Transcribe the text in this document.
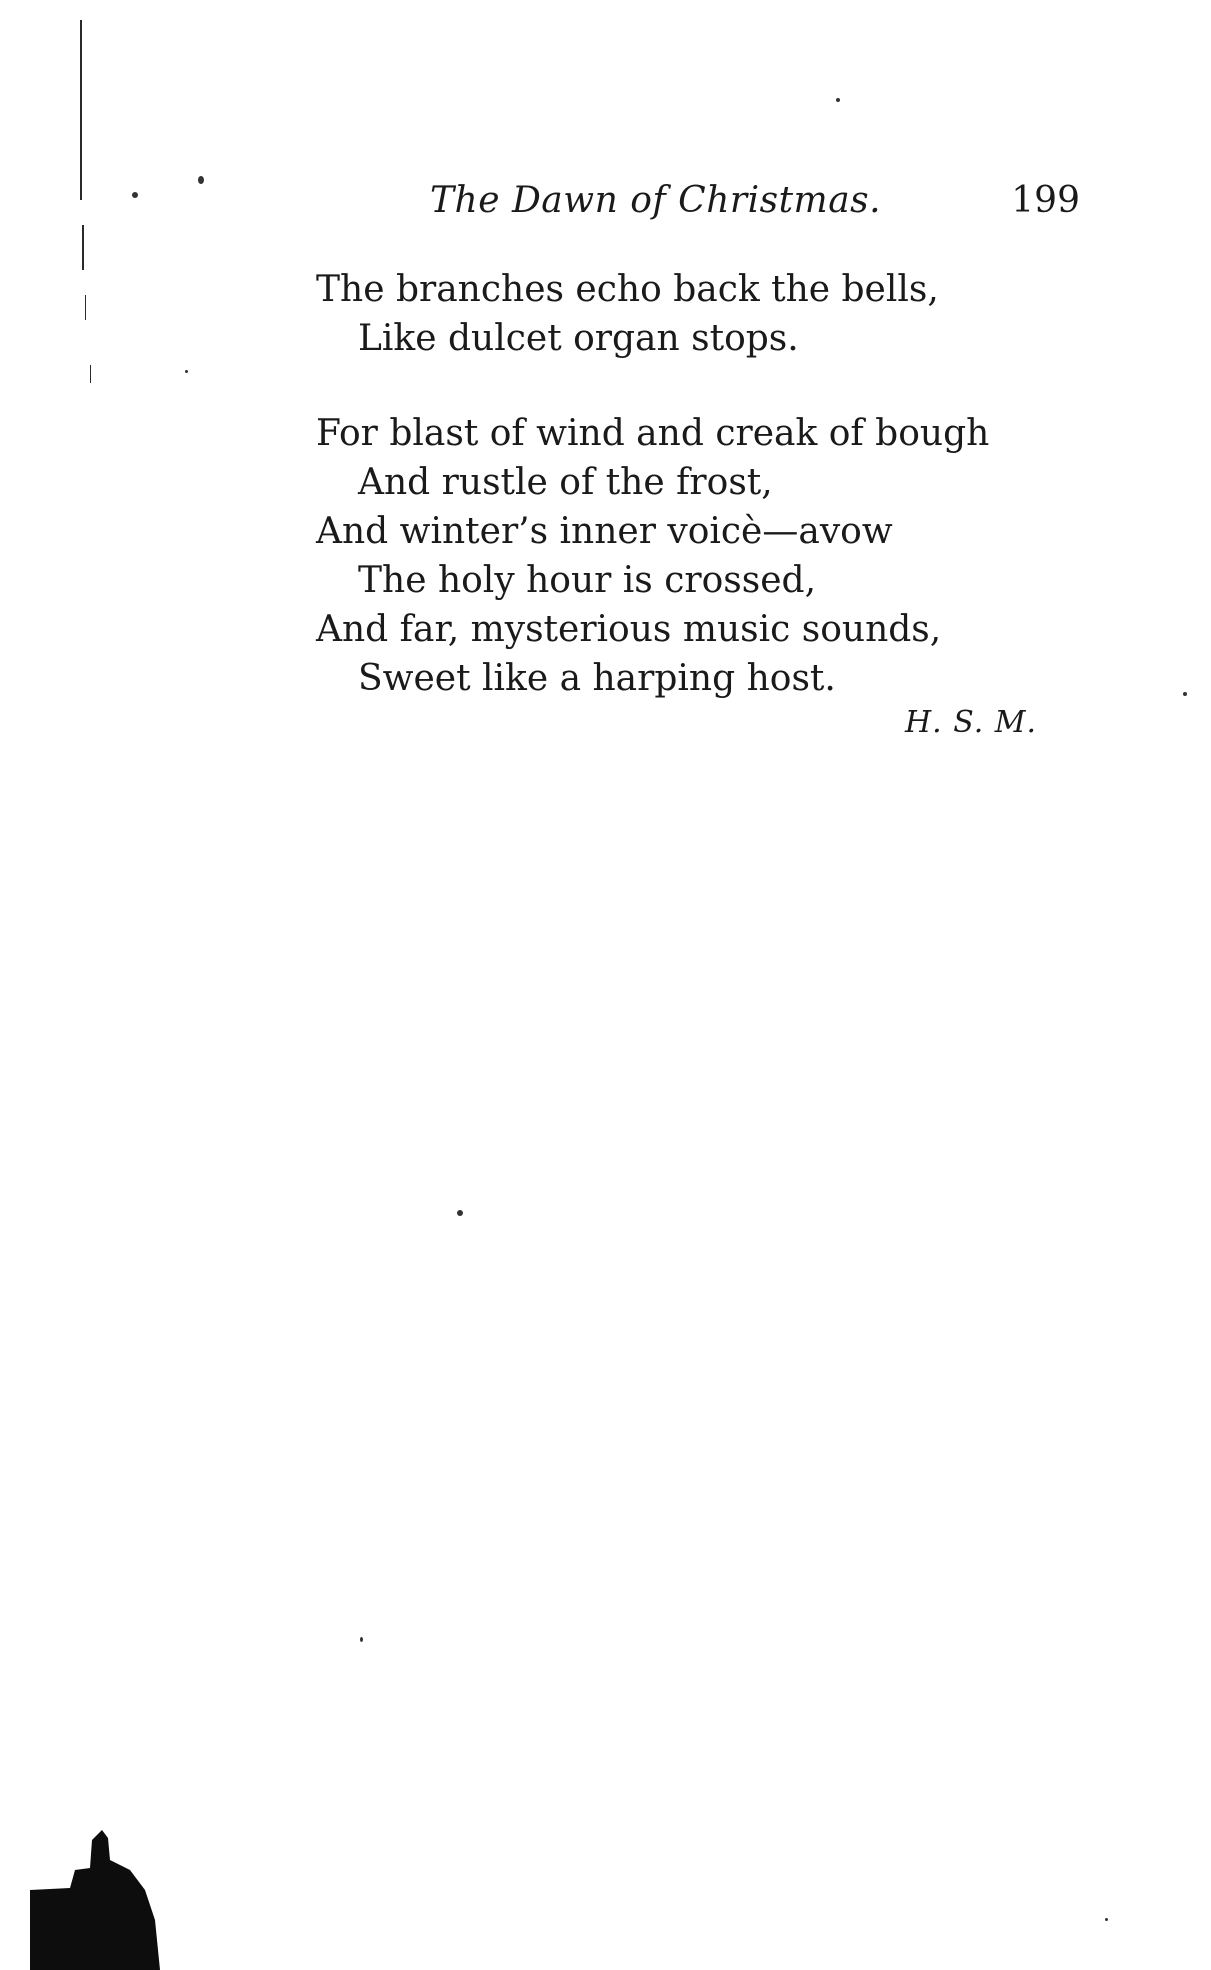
The Dawn of Christmas.	199

The branches echo back the bells,
Like dulcet organ stops.

For blast of wind and creak of bough
And rustle of the frost,
And winter’s inner voicè—avow
The holy hour is crossed,
And far, mysterious music sounds,
Sweet like a harping host.

H. S. M.
